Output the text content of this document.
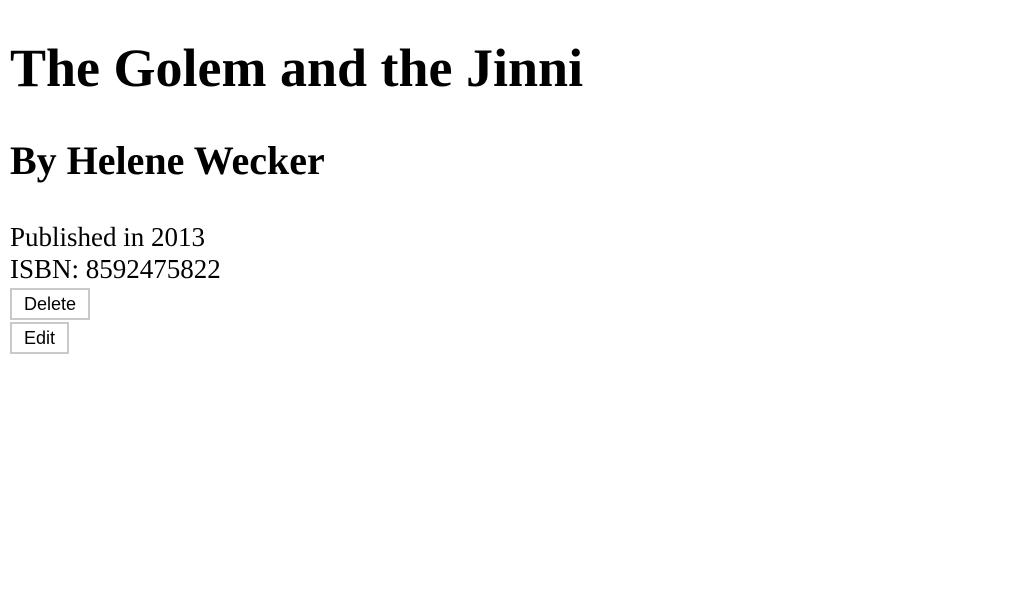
The Golem and the Jinni
By Helene Wecker
Published in 2013
ISBN: 8592475822
Delete
Edit
